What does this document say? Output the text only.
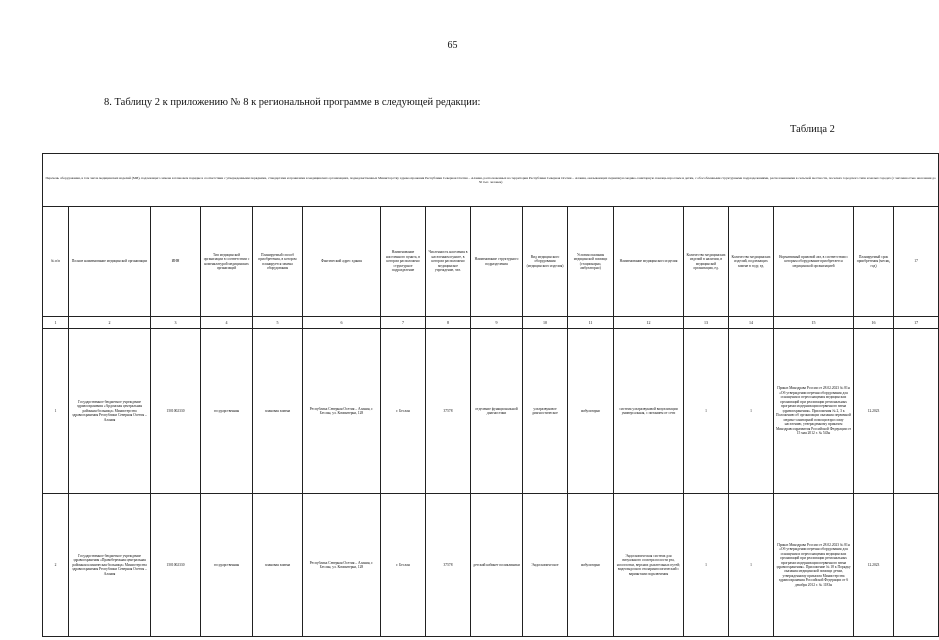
65
8. Таблицу 2 к приложению № 8 к региональной программе в следующей редакции:
Таблица 2
Перечень оборудования, в том числе медицинских изделий (МИ), подлежащего замене в плановом порядке в соответствии с утвержденными порядками, стандартами и правилами в медицинских организациях, подведомственных Министерству здравоохранения Республики Северная Осетия – Алания, расположенных на территории Республики Северная Осетия – Алания, оказывающих первичную медико-санитарную помощь взрослым и детям, с обособленными структурными подразделениями, расположенными в сельской местности, поселках городского типа и малых городах (с численностью населения до 50 тыс. человек)																
№ п/п	Полное наименование медицинской организации	ИНН	Тип медицинской организации в соответствии с номенклатурой медицинских организаций	Планируемый способ приобретения, в котором планируется замена оборудования	Фактический адрес здания	Наименование населенного пункта, в котором расположено структурное подразделение	Численность населения в населенном пункте, в котором расположено медицинское учреждение, чел.	Наименование структурного подразделения	Вид медицинского оборудования (медицинского изделия)	Условия оказания медицинской помощи (стационарно, амбулаторно)	Наименование медицинского изделия	Количество медицинских изделий в наличии, в медицинской организации, ед.	Количество медицинских изделий, подлежащих замене в году, ед.	Нормативный правовой акт, в соответствии с которым оборудование приобретается медицинской организацией	Планируемый срок приобретения (месяц, год)	17
1	2	3	4	5	6	7	8	9	10	11	12	13	14	15	16	17
1	Государственное бюджетное учреждение здравоохранения «Ардонская центральная районная больница» Министерства здравоохранения Республики Северная Осетия – Алания	1501002330	государственная	плановая замена	Республика Северная Осетия – Алания, г. Беслан, ул. Коминтерна, 128	г. Беслан	37578	отделение функциональной диагностики	ультразвуковое диагностическое	амбулаторно	система ультразвуковой визуализации универсальная, с питанием от сети	1	1	Приказ Минздрава России от 28.02.2023 № 81н «Об утверждении перечня оборудования для оснащения и переоснащения медицинских организаций при реализации региональных программ модернизации первичного звена здравоохранения». Приложения № 2, 3 к Положению об организации оказания первичной медико-санитарной помощи взрослому населению, утвержденному приказом Минздравсоцразвития Российской Федерации от 15 мая 2012 г. № 543н	12.2023	
2	Государственное бюджетное учреждение здравоохранения «Правобережная центральная районная клиническая больница» Министерства здравоохранения Республики Северная Осетия – Алания	1501002330	государственная	плановая замена	Республика Северная Осетия – Алания, г. Беслан, ул. Коминтерна, 128	г. Беслан	37578	детский кабинет поликлиники	Эндоскопическое	амбулаторно	Эндоскопическая система для визуального осмотра полости рта, носоглотки, верхних дыхательных путей; видеоэндоскоп отоларингологический с вариантами подключения	1	1	Приказ Минздрава России от 28.02.2023 № 81н «Об утверждении перечня оборудования для оснащения и переоснащения медицинских организаций при реализации региональных программ модернизации первичного звена здравоохранения». Приложение № 18 к Порядку оказания медицинской помощи детям, утвержденному приказом Министерства здравоохранения Российской Федерации от 6 декабря 2012 г. № 1183н	12.2023	
